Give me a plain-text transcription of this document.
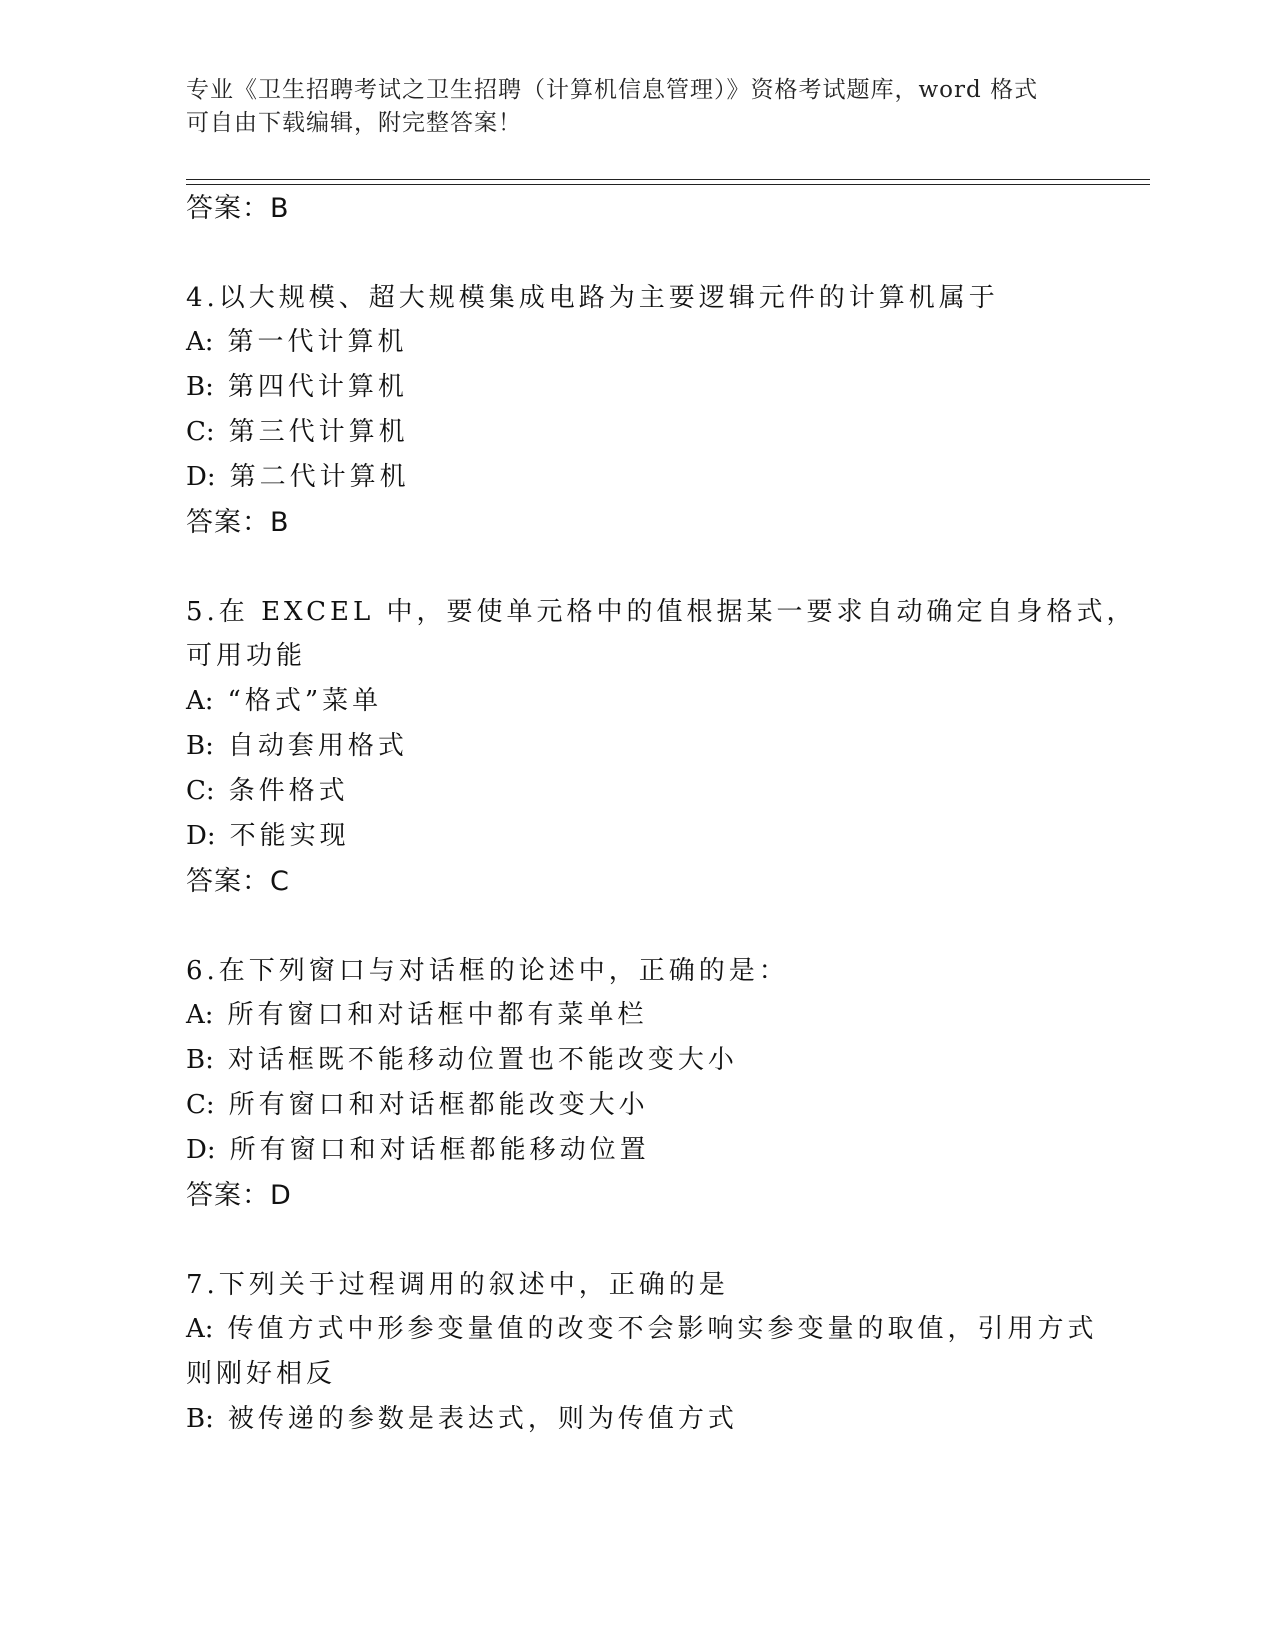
专业《卫生招聘考试之卫生招聘（计算机信息管理）》资格考试题库，word 格式
可自由下载编辑，附完整答案！
答案：B
4.以大规模、超大规模集成电路为主要逻辑元件的计算机属于
A: 第一代计算机
B: 第四代计算机
C: 第三代计算机
D: 第二代计算机
答案：B
5.在 EXCEL 中，要使单元格中的值根据某一要求自动确定自身格式，
可用功能
A: “格式”菜单
B: 自动套用格式
C: 条件格式
D: 不能实现
答案：C
6.在下列窗口与对话框的论述中，正确的是：
A: 所有窗口和对话框中都有菜单栏
B: 对话框既不能移动位置也不能改变大小
C: 所有窗口和对话框都能改变大小
D: 所有窗口和对话框都能移动位置
答案：D
7.下列关于过程调用的叙述中，正确的是
A: 传值方式中形参变量值的改变不会影响实参变量的取值，引用方式
则刚好相反
B: 被传递的参数是表达式，则为传值方式
